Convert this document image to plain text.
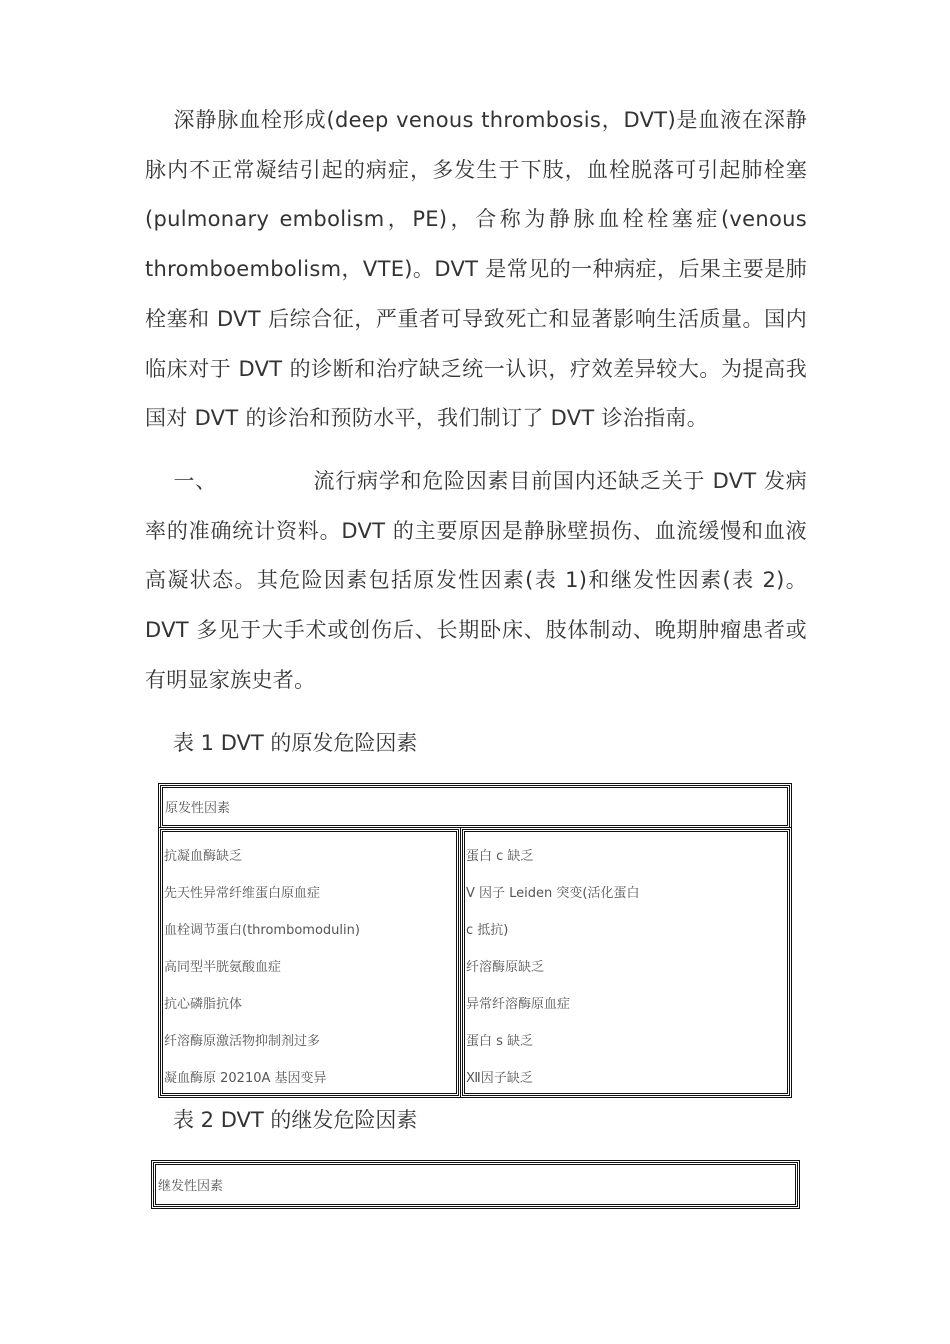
深静脉血栓形成(deep venous thrombosis，DVT)是血液在深静脉内不正常凝结引起的病症，多发生于下肢，血栓脱落可引起肺栓塞(pulmonary embolism，PE)，合称为静脉血栓栓塞症(venous thromboembolism，VTE)。DVT 是常见的一种病症，后果主要是肺栓塞和 DVT 后综合征，严重者可导致死亡和显著影响生活质量。国内临床对于 DVT 的诊断和治疗缺乏统一认识，疗效差异较大。为提高我国对 DVT 的诊治和预防水平，我们制订了 DVT 诊治指南。

一、	流行病学和危险因素目前国内还缺乏关于 DVT 发病率的准确统计资料。DVT 的主要原因是静脉壁损伤、血流缓慢和血液高凝状态。其危险因素包括原发性因素(表 1)和继发性因素(表 2)。DVT 多见于大手术或创伤后、长期卧床、肢体制动、晚期肿瘤患者或有明显家族史者。

表 1 DVT 的原发危险因素

原发性因素
抗凝血酶缺乏
先天性异常纤维蛋白原血症
血栓调节蛋白(thrombomodulin)
高同型半胱氨酸血症
抗心磷脂抗体
纤溶酶原激活物抑制剂过多
凝血酶原 20210A 基因变异
蛋白 c 缺乏
V 因子 Leiden 突变(活化蛋白
c 抵抗)
纤溶酶原缺乏
异常纤溶酶原血症
蛋白 s 缺乏
Ⅻ因子缺乏

表 2 DVT 的继发危险因素

继发性因素
